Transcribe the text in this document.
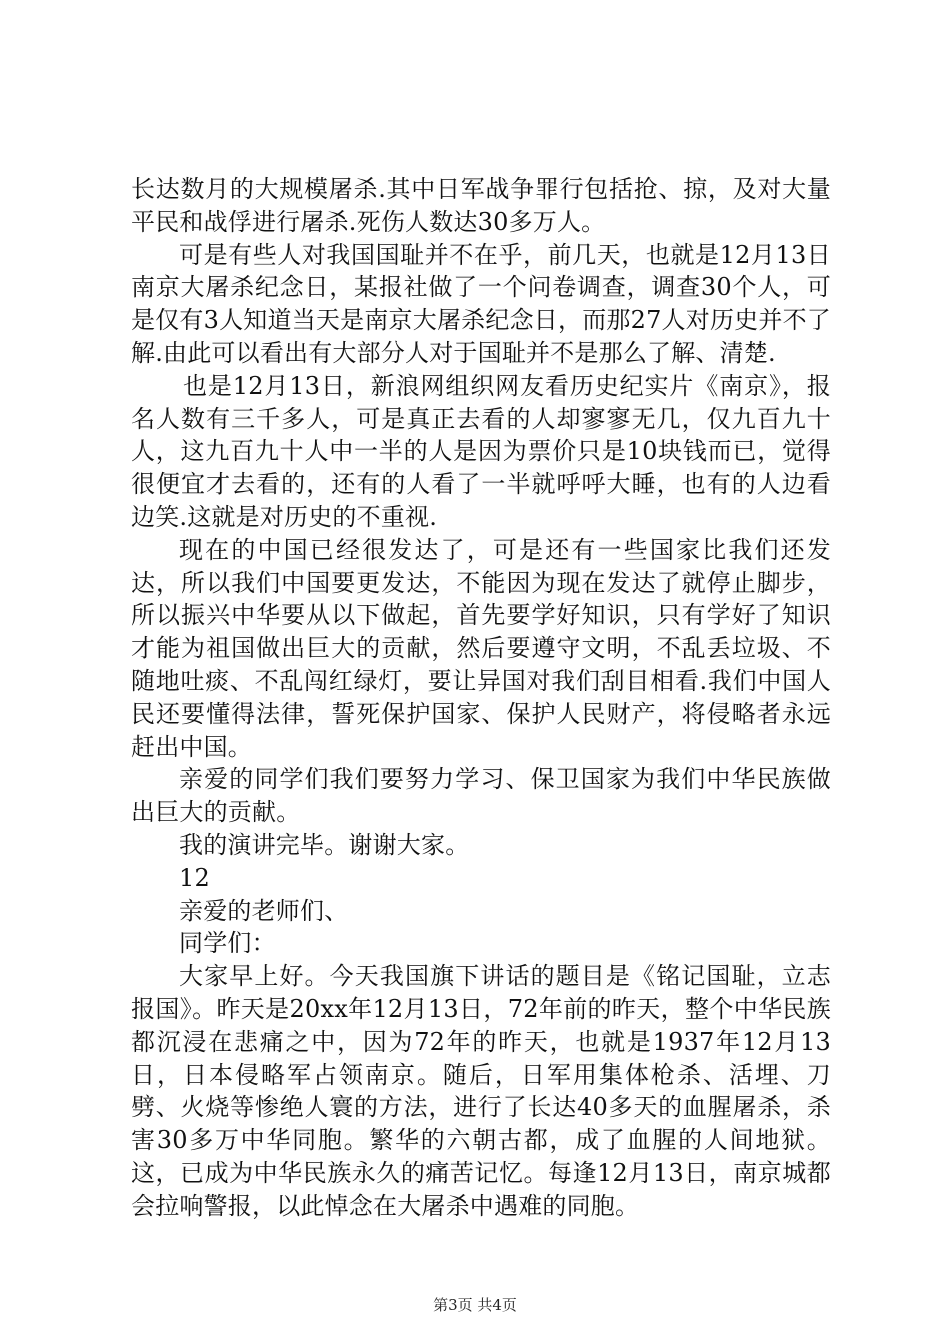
长达数月的大规模屠杀.其中日军战争罪行包括抢、掠，及对大量平民和战俘进行屠杀.死伤人数达30多万人。

可是有些人对我国国耻并不在乎，前几天，也就是12月13日南京大屠杀纪念日，某报社做了一个问卷调查，调查30个人，可是仅有3人知道当天是南京大屠杀纪念日，而那27人对历史并不了解.由此可以看出有大部分人对于国耻并不是那么了解、清楚.

也是12月13日，新浪网组织网友看历史纪实片《南京》，报名人数有三千多人，可是真正去看的人却寥寥无几，仅九百九十人，这九百九十人中一半的人是因为票价只是10块钱而已，觉得很便宜才去看的，还有的人看了一半就呼呼大睡，也有的人边看边笑.这就是对历史的不重视.

现在的中国已经很发达了，可是还有一些国家比我们还发达，所以我们中国要更发达，不能因为现在发达了就停止脚步，所以振兴中华要从以下做起，首先要学好知识，只有学好了知识才能为祖国做出巨大的贡献，然后要遵守文明，不乱丢垃圾、不随地吐痰、不乱闯红绿灯，要让异国对我们刮目相看.我们中国人民还要懂得法律，誓死保护国家、保护人民财产，将侵略者永远赶出中国。

亲爱的同学们我们要努力学习、保卫国家为我们中华民族做出巨大的贡献。

我的演讲完毕。谢谢大家。

12

亲爱的老师们、

同学们：

大家早上好。今天我国旗下讲话的题目是《铭记国耻，立志报国》。昨天是20xx年12月13日，72年前的昨天，整个中华民族都沉浸在悲痛之中，因为72年的昨天，也就是1937年12月13日，日本侵略军占领南京。随后，日军用集体枪杀、活埋、刀劈、火烧等惨绝人寰的方法，进行了长达40多天的血腥屠杀，杀害30多万中华同胞。繁华的六朝古都，成了血腥的人间地狱。这，已成为中华民族永久的痛苦记忆。每逢12月13日，南京城都会拉响警报，以此悼念在大屠杀中遇难的同胞。

第3页 共4页
